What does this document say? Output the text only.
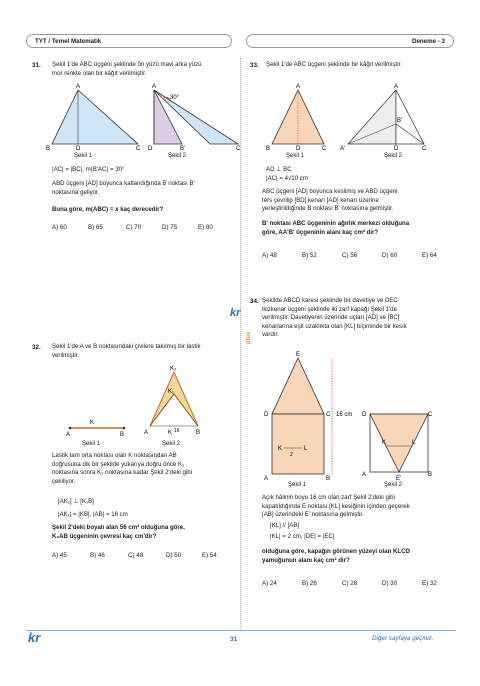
TYT / Temel Matematik	Deneme - 3
31. Şekil 1'de ABC üçgeni şeklinde ön yüzü mavi arka yüzü
mor renkte olan bir kâğıt verilmiştir.
A
B	D	C
Şekil 1
A
30°
D	B'	C
Şekil 2
|AC| = |BC|, m(B'AC) = 30°
ABD üçgeni [AD] boyunca katlandığında B noktası B'
noktasına geliyor.
Buna göre, m(ABC) = x kaç derecedir?
A) 60	B) 65	C) 70	D) 75	E) 80
32. Şekil 1'de A ve B noktasındaki çivilere takılmış bir lastik
verilmiştir.
K
A	B
Şekil 1
K₂
K₁
A	K	B
16
Şekil 2
Lastik tam orta noktası olan K noktasından AB
doğrusuna dik bir şekilde yukarıya doğru önce K₁
noktasına sonra K₂ noktasına kadar Şekil 2'deki gibi
çekiliyor.
[AK₁] ⊥ [K₁B]
|AK₁| = |KB|, |AB| = 16 cm
Şekil 2'deki boyalı alan 56 cm² olduğuna göre,
K₂AB üçgeninin çevresi kaç cm'dir?
A) 45	B) 46	C) 48	D) 50	E) 54
33. Şekil 1'de ABC üçgeni şeklinde bir kâğıt verilmiştir.
A
B	D	C
Şekil 1
A
B'
A'	D	C
Şekil 2
AD ⊥ BC
|AC| = 4√10 cm
ABC üçgeni [AD] boyunca kesilmiş ve ABD üçgeni
ters çevrilip [BD] kenarı [AD] kenarı üzerine
yerleştirildiğinde B noktası B' noktasına gelmiştir.
B' noktası ABC üçgeninin ağırlık merkezi olduğuna
göre, AA'B' üçgeninin alanı kaç cm² dir?
A) 48	B) 52	C) 56	D) 60	E) 64
kr
plus
34. Şekilde ABCD karesi şeklinde bir davetiye ve DEC
ikizkenar üçgeni şeklinde iki zarf kapağı Şekil 1'de
verilmiştir. Davetiyenin üzerinde uçları [AD] ve [BC]
kenarlarına eşit uzaklıkta olan [KL] biçiminde bir kesik
vardır.
E
D	C
A	B
K	L
2
16 cm
Şekil 1
D	C
K	L
A	B
E'
Şekil 2
Açık hâlinin boyu 16 cm olan zarf Şekil 2'deki gibi
kapatıldığında E noktası [KL] kesiğinin içinden geçerek
[AB] üzerindeki E' noktasına gelmiştir.
[KL] // [AB]
|KL| = 2 cm, |DE| = |EC|
olduğuna göre, kapağın görünen yüzeyi olan KLCD
yamuğunun alanı kaç cm² dir?
A) 24	B) 26	C) 28	D) 30	E) 32
kr	31	Diğer sayfaya geçiniz.
